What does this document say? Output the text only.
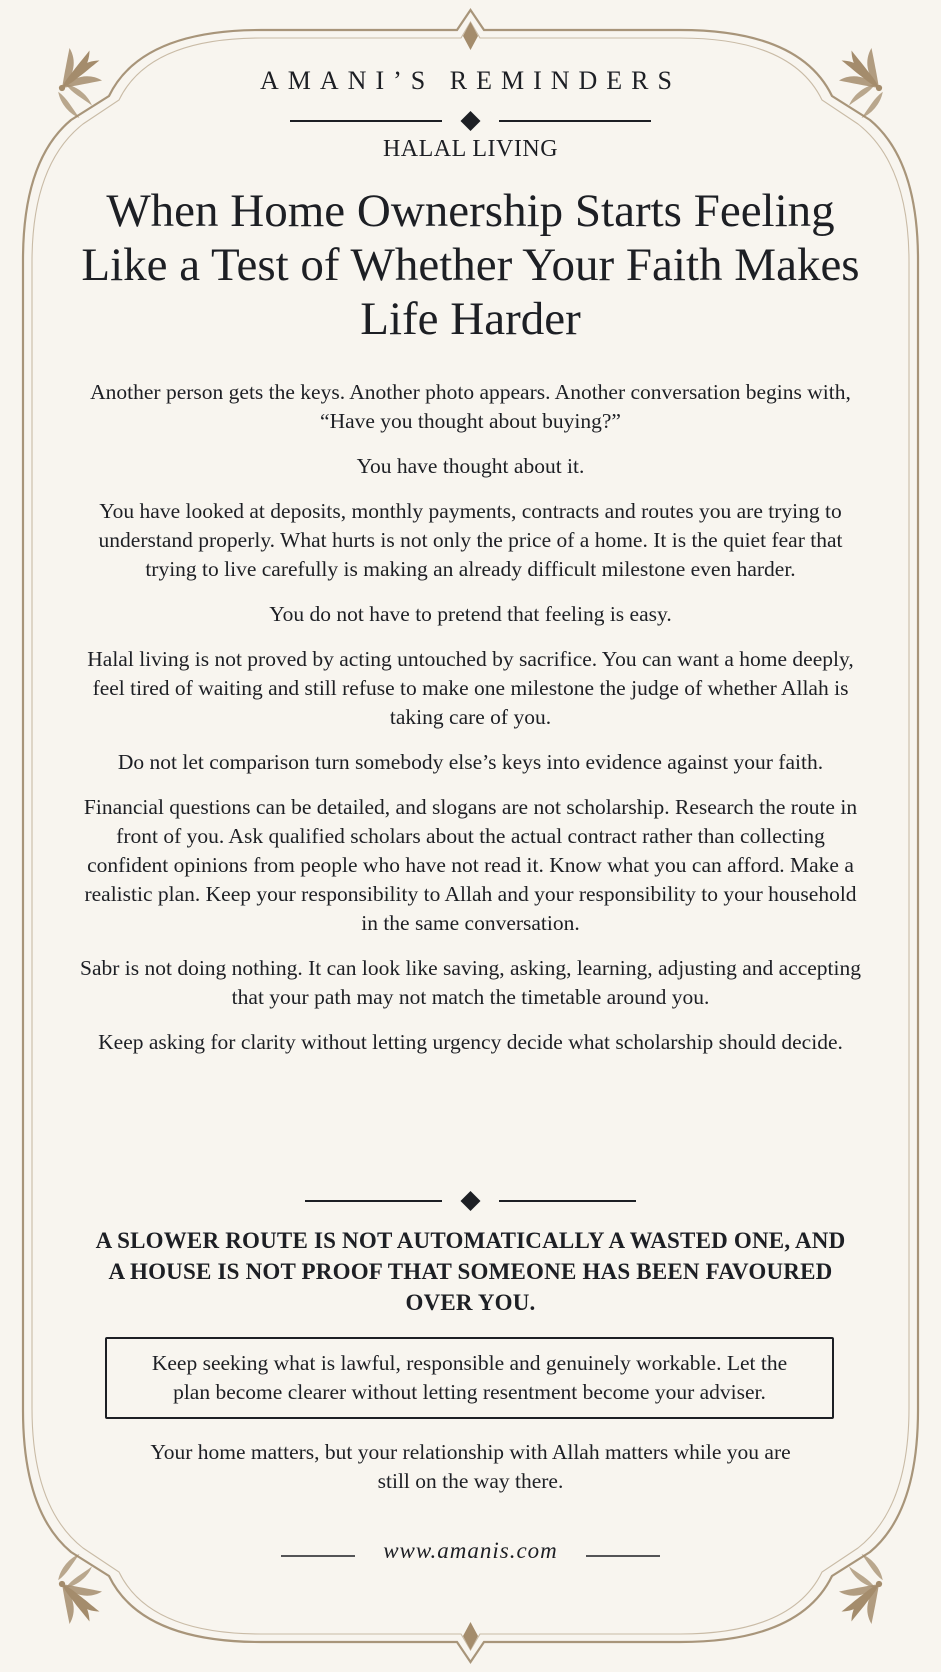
AMANI’S REMINDERS
HALAL LIVING
When Home Ownership Starts Feeling Like a Test of Whether Your Faith Makes Life Harder

Another person gets the keys. Another photo appears. Another conversation begins with, “Have you thought about buying?”

You have thought about it.

You have looked at deposits, monthly payments, contracts and routes you are trying to understand properly. What hurts is not only the price of a home. It is the quiet fear that trying to live carefully is making an already difficult milestone even harder.

You do not have to pretend that feeling is easy.

Halal living is not proved by acting untouched by sacrifice. You can want a home deeply, feel tired of waiting and still refuse to make one milestone the judge of whether Allah is taking care of you.

Do not let comparison turn somebody else’s keys into evidence against your faith.

Financial questions can be detailed, and slogans are not scholarship. Research the route in front of you. Ask qualified scholars about the actual contract rather than collecting confident opinions from people who have not read it. Know what you can afford. Make a realistic plan. Keep your responsibility to Allah and your responsibility to your household in the same conversation.

Sabr is not doing nothing. It can look like saving, asking, learning, adjusting and accepting that your path may not match the timetable around you.

Keep asking for clarity without letting urgency decide what scholarship should decide.

A SLOWER ROUTE IS NOT AUTOMATICALLY A WASTED ONE, AND A HOUSE IS NOT PROOF THAT SOMEONE HAS BEEN FAVOURED OVER YOU.
Keep seeking what is lawful, responsible and genuinely workable. Let the plan become clearer without letting resentment become your adviser.
Your home matters, but your relationship with Allah matters while you are still on the way there.
www.amanis.com
